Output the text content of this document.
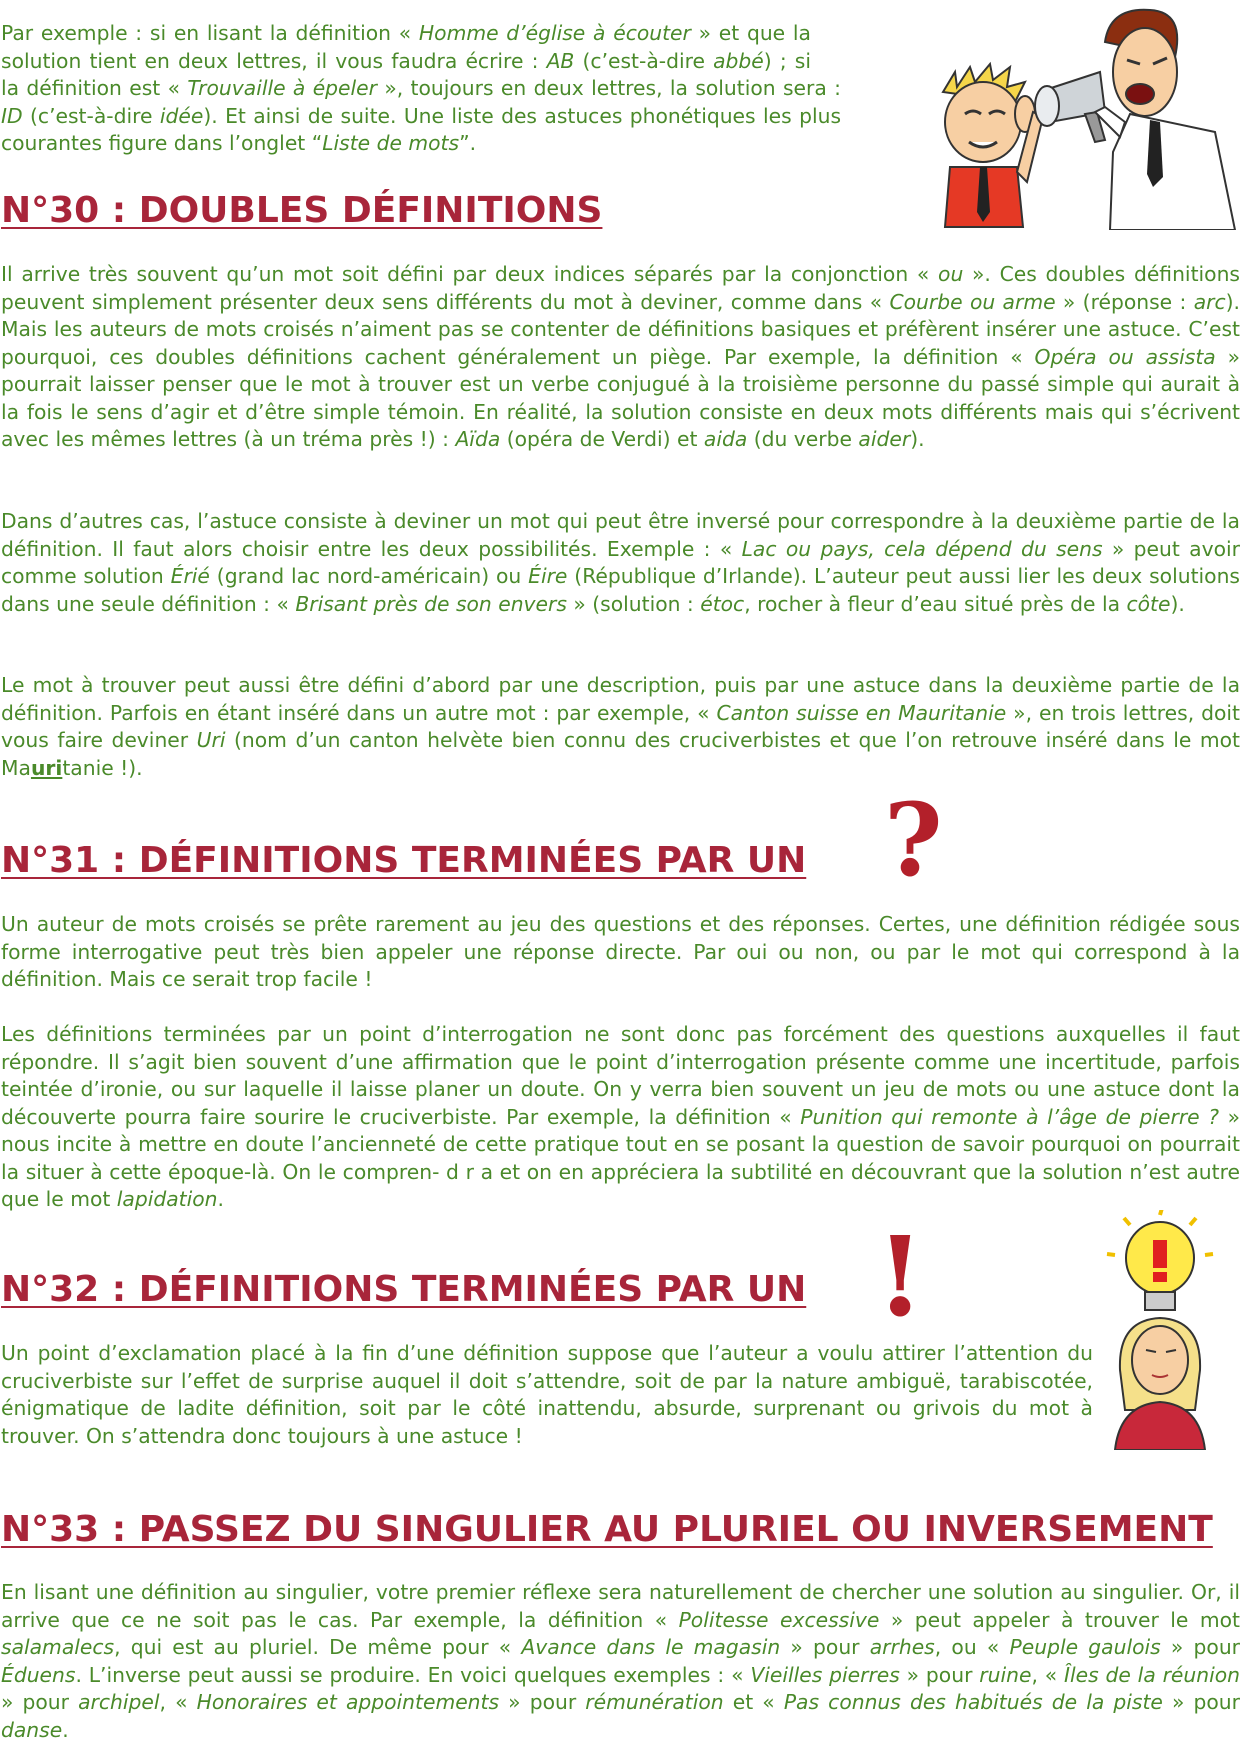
Par exemple : si en lisant la définition « Homme d’église à écouter » et que la solution tient en deux lettres, il vous faudra écrire : AB (c’est-à-dire abbé) ; si la définition est « Trouvaille à épeler », toujours en deux lettres, la solution sera : ID (c’est-à-dire idée). Et ainsi de suite. Une liste des astuces phonétiques les plus courantes figure dans l’onglet “Liste de mots”.

N°30 : DOUBLES DÉFINITIONS

Il arrive très souvent qu’un mot soit défini par deux indices séparés par la conjonction « ou ». Ces doubles définitions peuvent simplement présenter deux sens différents du mot à deviner, comme dans « Courbe ou arme » (réponse : arc). Mais les auteurs de mots croisés n’aiment pas se contenter de définitions basiques et préfèrent insérer une astuce. C’est pourquoi, ces doubles définitions cachent généralement un piège. Par exemple, la définition « Opéra ou assista » pourrait laisser penser que le mot à trouver est un verbe conjugué à la troisième personne du passé simple qui aurait à la fois le sens d’agir et d’être simple témoin. En réalité, la solution consiste en deux mots différents mais qui s’écrivent avec les mêmes lettres (à un tréma près !) : Aïda (opéra de Verdi) et aida (du verbe aider).

Dans d’autres cas, l’astuce consiste à deviner un mot qui peut être inversé pour correspondre à la deuxième partie de la définition. Il faut alors choisir entre les deux possibilités. Exemple : « Lac ou pays, cela dépend du sens » peut avoir comme solution Érié (grand lac nord-américain) ou Éire (République d’Irlande). L’auteur peut aussi lier les deux solutions dans une seule définition : « Brisant près de son envers » (solution : étoc, rocher à fleur d’eau situé près de la côte).

Le mot à trouver peut aussi être défini d’abord par une description, puis par une astuce dans la deuxième partie de la définition. Parfois en étant inséré dans un autre mot : par exemple, « Canton suisse en Mauritanie », en trois lettres, doit vous faire deviner Uri (nom d’un canton helvète bien connu des cruciverbistes et que l’on retrouve inséré dans le mot Mauritanie !).

N°31 : DÉFINITIONS TERMINÉES PAR UN ?

Un auteur de mots croisés se prête rarement au jeu des questions et des réponses. Certes, une définition rédigée sous forme interrogative peut très bien appeler une réponse directe. Par oui ou non, ou par le mot qui correspond à la définition. Mais ce serait trop facile !

Les définitions terminées par un point d’interrogation ne sont donc pas forcément des questions auxquelles il faut répondre. Il s’agit bien souvent d’une affirmation que le point d’interrogation présente comme une incertitude, parfois teintée d’ironie, ou sur laquelle il laisse planer un doute. On y verra bien souvent un jeu de mots ou une astuce dont la découverte pourra faire sourire le cruciverbiste. Par exemple, la définition « Punition qui remonte à l’âge de pierre ? » nous incite à mettre en doute l’ancienneté de cette pratique tout en se posant la question de savoir pourquoi on pourrait la situer à cette époque-là. On le compren- d r a et on en appréciera la subtilité en découvrant que la solution n’est autre que le mot lapidation.

N°32 : DÉFINITIONS TERMINÉES PAR UN !

Un point d’exclamation placé à la fin d’une définition suppose que l’auteur a voulu attirer l’attention du cruciverbiste sur l’effet de surprise auquel il doit s’attendre, soit de par la nature ambiguë, tarabiscotée, énigmatique de ladite définition, soit par le côté inattendu, absurde, surprenant ou grivois du mot à trouver. On s’attendra donc toujours à une astuce !

N°33 : PASSEZ DU SINGULIER AU PLURIEL OU INVERSEMENT

En lisant une définition au singulier, votre premier réflexe sera naturellement de chercher une solution au singulier. Or, il arrive que ce ne soit pas le cas. Par exemple, la définition « Politesse excessive » peut appeler à trouver le mot salamalecs, qui est au pluriel. De même pour « Avance dans le magasin » pour arrhes, ou « Peuple gaulois » pour Éduens. L’inverse peut aussi se produire. En voici quelques exemples : « Vieilles pierres » pour ruine, « Îles de la réunion » pour archipel, « Honoraires et appointements » pour rémunération et « Pas connus des habitués de la piste » pour danse.
